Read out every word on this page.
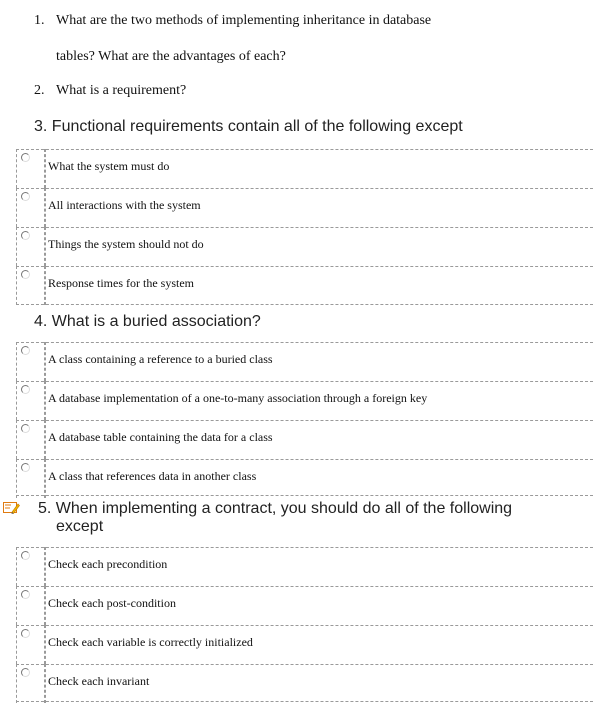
1. What are the two methods of implementing inheritance in database
tables? What are the advantages of each?
2. What is a requirement?
3. Functional requirements contain all of the following except
What the system must do
All interactions with the system
Things the system should not do
Response times for the system
4. What is a buried association?
A class containing a reference to a buried class
A database implementation of a one-to-many association through a foreign key
A database table containing the data for a class
A class that references data in another class
5. When implementing a contract, you should do all of the following
except
Check each precondition
Check each post-condition
Check each variable is correctly initialized
Check each invariant
